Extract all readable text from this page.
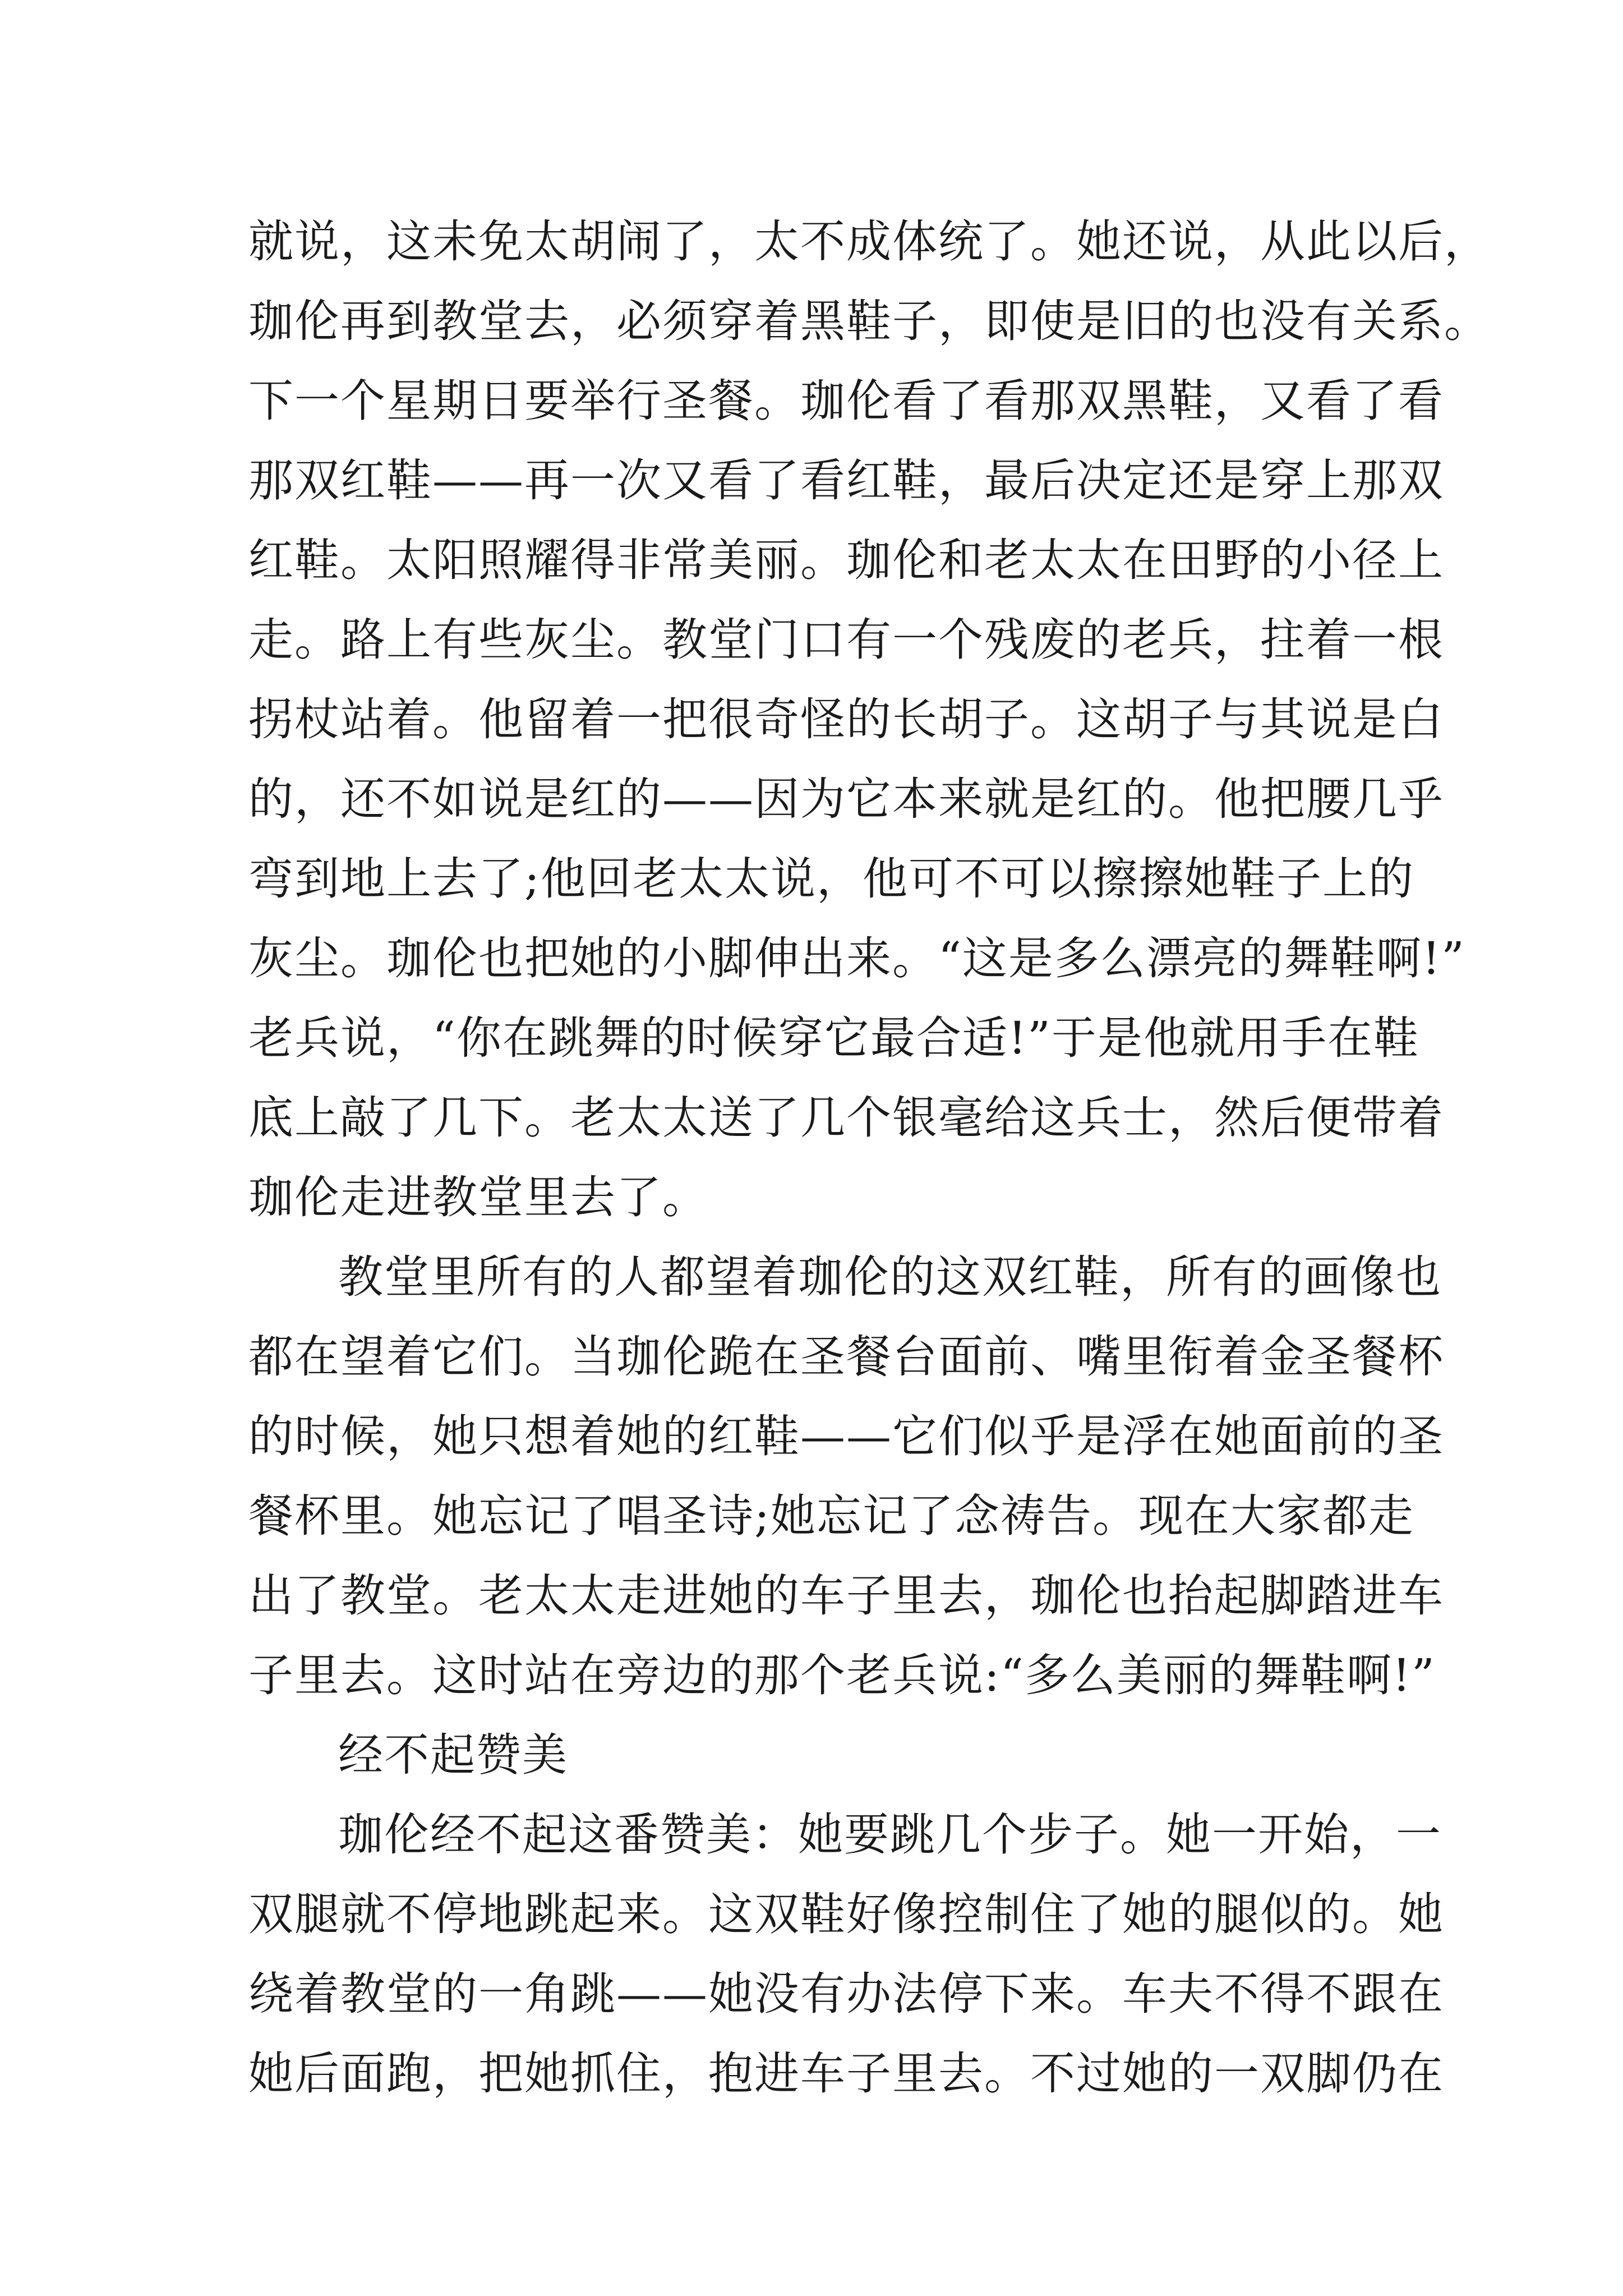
就说，这未免太胡闹了，太不成体统了。她还说，从此以后，
珈伦再到教堂去，必须穿着黑鞋子，即使是旧的也没有关系。
下一个星期日要举行圣餐。珈伦看了看那双黑鞋，又看了看
那双红鞋——再一次又看了看红鞋，最后决定还是穿上那双
红鞋。太阳照耀得非常美丽。珈伦和老太太在田野的小径上
走。路上有些灰尘。教堂门口有一个残废的老兵，拄着一根
拐杖站着。他留着一把很奇怪的长胡子。这胡子与其说是白
的，还不如说是红的——因为它本来就是红的。他把腰几乎
弯到地上去了;他回老太太说，他可不可以擦擦她鞋子上的
灰尘。珈伦也把她的小脚伸出来。“这是多么漂亮的舞鞋啊!”
老兵说，“你在跳舞的时候穿它最合适!”于是他就用手在鞋
底上敲了几下。老太太送了几个银毫给这兵士，然后便带着
珈伦走进教堂里去了。
教堂里所有的人都望着珈伦的这双红鞋，所有的画像也
都在望着它们。当珈伦跪在圣餐台面前、嘴里衔着金圣餐杯
的时候，她只想着她的红鞋——它们似乎是浮在她面前的圣
餐杯里。她忘记了唱圣诗;她忘记了念祷告。现在大家都走
出了教堂。老太太走进她的车子里去，珈伦也抬起脚踏进车
子里去。这时站在旁边的那个老兵说:“多么美丽的舞鞋啊!”
经不起赞美
珈伦经不起这番赞美：她要跳几个步子。她一开始，一
双腿就不停地跳起来。这双鞋好像控制住了她的腿似的。她
绕着教堂的一角跳——她没有办法停下来。车夫不得不跟在
她后面跑，把她抓住，抱进车子里去。不过她的一双脚仍在
